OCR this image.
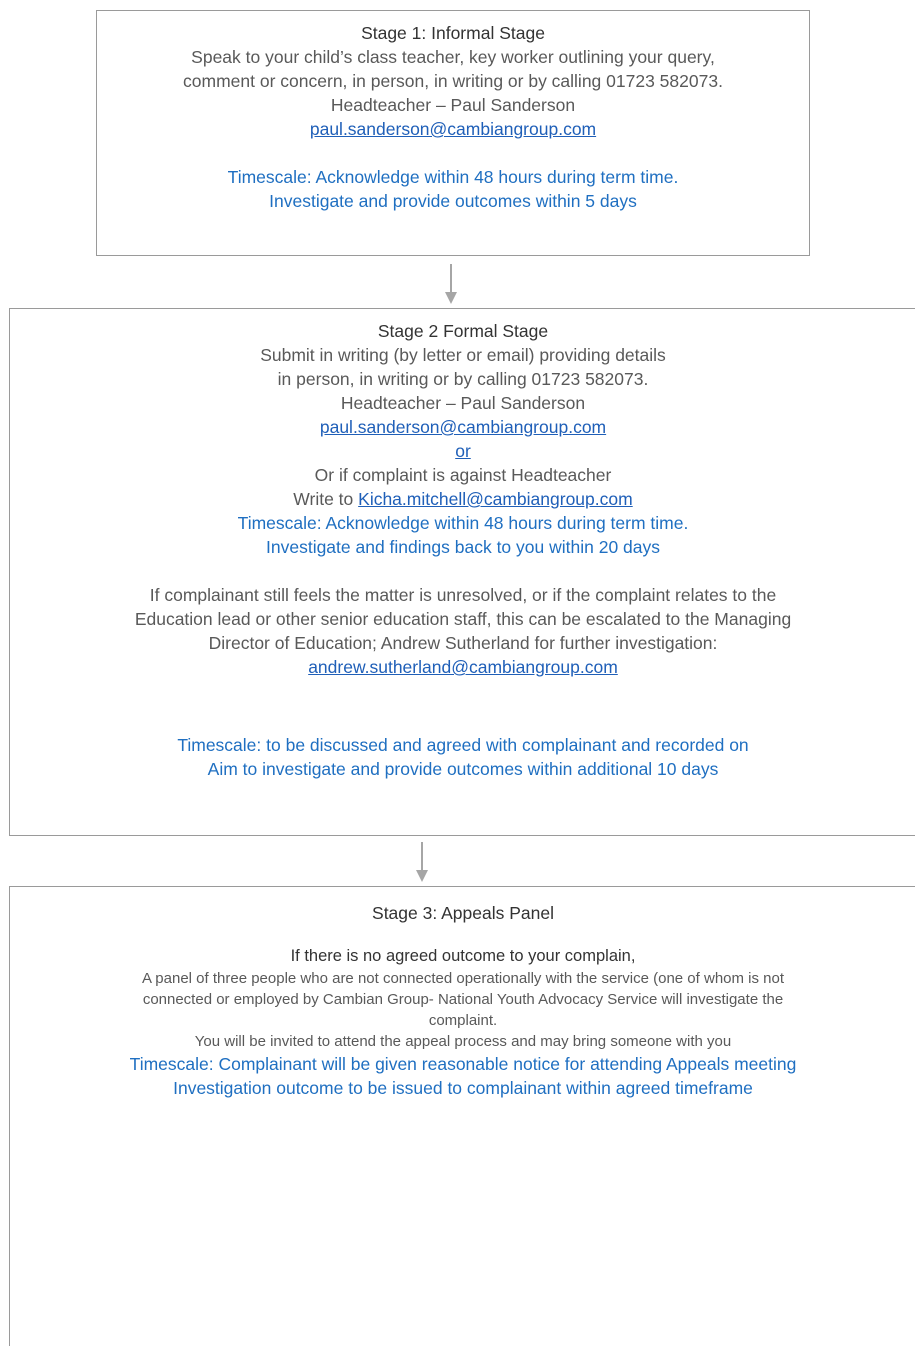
Stage 1: Informal Stage
Speak to your child’s class teacher, key worker outlining your query,
comment or concern, in person, in writing or by calling 01723 582073.
Headteacher – Paul Sanderson
paul.sanderson@cambiangroup.com
Timescale: Acknowledge within 48 hours during term time.
Investigate and provide outcomes within 5 days
Stage 2 Formal Stage
Submit in writing (by letter or email) providing details
in person, in writing or by calling 01723 582073.
Headteacher – Paul Sanderson
paul.sanderson@cambiangroup.com
or
Or if complaint is against Headteacher
Write to Kicha.mitchell@cambiangroup.com
Timescale: Acknowledge within 48 hours during term time.
Investigate and findings back to you within 20 days
If complainant still feels the matter is unresolved, or if the complaint relates to the
Education lead or other senior education staff, this can be escalated to the Managing
Director of Education; Andrew Sutherland for further investigation:
andrew.sutherland@cambiangroup.com
Timescale: to be discussed and agreed with complainant and recorded on
Aim to investigate and provide outcomes within additional 10 days
Stage 3: Appeals Panel
If there is no agreed outcome to your complain,
A panel of three people who are not connected operationally with the service (one of whom is not
connected or employed by Cambian Group- National Youth Advocacy Service will investigate the
complaint.
You will be invited to attend the appeal process and may bring someone with you
Timescale: Complainant will be given reasonable notice for attending Appeals meeting
Investigation outcome to be issued to complainant within agreed timeframe
